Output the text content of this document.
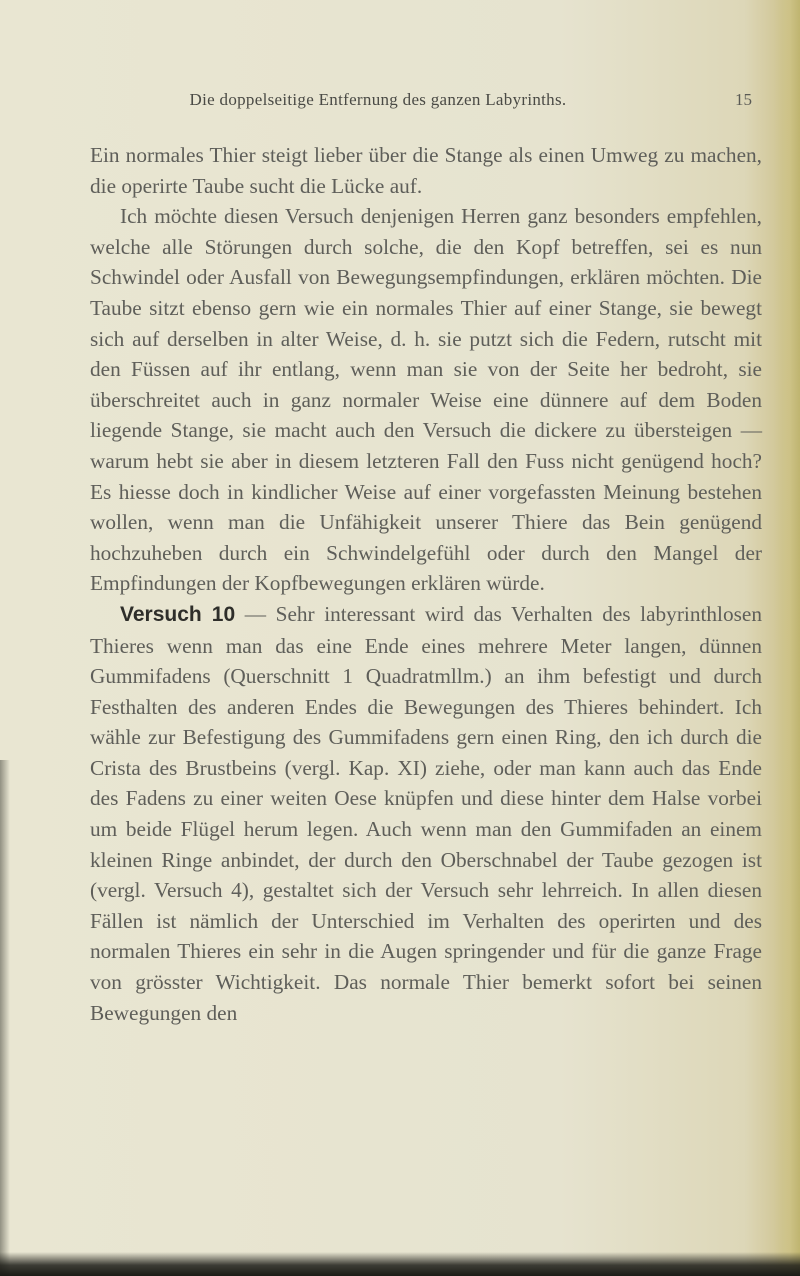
Die doppelseitige Entfernung des ganzen Labyrinths.	15

Ein normales Thier steigt lieber über die Stange als einen Umweg zu machen, die operirte Taube sucht die Lücke auf.

Ich möchte diesen Versuch denjenigen Herren ganz besonders empfehlen, welche alle Störungen durch solche, die den Kopf betreffen, sei es nun Schwindel oder Ausfall von Bewegungsempfindungen, erklären möchten. Die Taube sitzt ebenso gern wie ein normales Thier auf einer Stange, sie bewegt sich auf derselben in alter Weise, d. h. sie putzt sich die Federn, rutscht mit den Füssen auf ihr entlang, wenn man sie von der Seite her bedroht, sie überschreitet auch in ganz normaler Weise eine dünnere auf dem Boden liegende Stange, sie macht auch den Versuch die dickere zu übersteigen — warum hebt sie aber in diesem letzteren Fall den Fuss nicht genügend hoch? Es hiesse doch in kindlicher Weise auf einer vorgefassten Meinung bestehen wollen, wenn man die Unfähigkeit unserer Thiere das Bein genügend hochzuheben durch ein Schwindelgefühl oder durch den Mangel der Empfindungen der Kopfbewegungen erklären würde.

Versuch 10 — Sehr interessant wird das Verhalten des labyrinthlosen Thieres wenn man das eine Ende eines mehrere Meter langen, dünnen Gummifadens (Querschnitt 1 Quadratmllm.) an ihm befestigt und durch Festhalten des anderen Endes die Bewegungen des Thieres behindert. Ich wähle zur Befestigung des Gummifadens gern einen Ring, den ich durch die Crista des Brustbeins (vergl. Kap. XI) ziehe, oder man kann auch das Ende des Fadens zu einer weiten Oese knüpfen und diese hinter dem Halse vorbei um beide Flügel herum legen. Auch wenn man den Gummifaden an einem kleinen Ringe anbindet, der durch den Oberschnabel der Taube gezogen ist (vergl. Versuch 4), gestaltet sich der Versuch sehr lehrreich. In allen diesen Fällen ist nämlich der Unterschied im Verhalten des operirten und des normalen Thieres ein sehr in die Augen springender und für die ganze Frage von grösster Wichtigkeit. Das normale Thier bemerkt sofort bei seinen Bewegungen den
